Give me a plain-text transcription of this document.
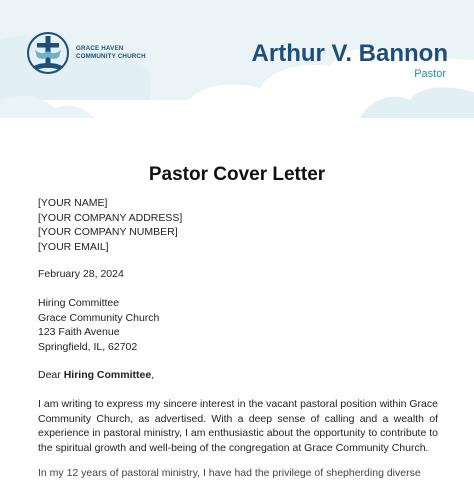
GRACE HAVEN
COMMUNITY CHURCH	Arthur V. Bannon
Pastor
Pastor Cover Letter
[YOUR NAME]
[YOUR COMPANY ADDRESS]
[YOUR COMPANY NUMBER]
[YOUR EMAIL]
February 28, 2024
Hiring Committee
Grace Community Church
123 Faith Avenue
Springfield, IL, 62702
Dear Hiring Committee,
I am writing to express my sincere interest in the vacant pastoral position within Grace
Community Church, as advertised. With a deep sense of calling and a wealth of
experience in pastoral ministry, I am enthusiastic about the opportunity to contribute to
the spiritual growth and well-being of the congregation at Grace Community Church.
In my 12 years of pastoral ministry, I have had the privilege of shepherding diverse
